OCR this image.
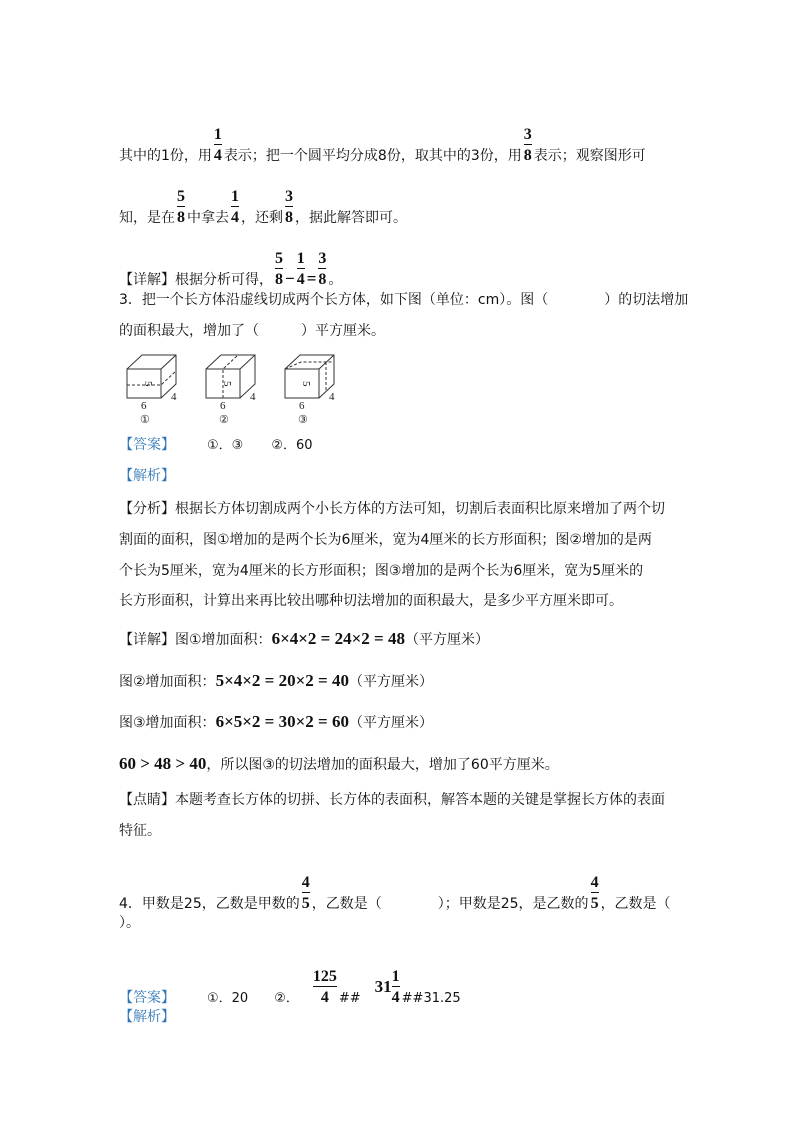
其中的1份，用 $\frac{1}{4}$ 表示；把一个圆平均分成8份，取其中的3份，用 $\frac{3}{8}$ 表示；观察图形可
知，是在 $\frac{5}{8}$ 中拿去 $\frac{1}{4}$ ，还剩 $\frac{3}{8}$ ，据此解答即可。
【详解】根据分析可得， $\frac{5}{8} - \frac{1}{4} = \frac{3}{8}$ 。
3．把一个长方体沿虚线切成两个长方体，如下图（单位：cm）。图（　　　　）的切法增加
的面积最大，增加了（　　　）平方厘米。
5
4
6
①
5
4
6
②
5
4
6
③
【答案】 ①．③ ②．60
【解析】
【分析】根据长方体切割成两个小长方体的方法可知，切割后表面积比原来增加了两个切
割面的面积，图①增加的是两个长为6厘米，宽为4厘米的长方形面积；图②增加的是两
个长为5厘米，宽为4厘米的长方形面积；图③增加的是两个长为6厘米，宽为5厘米的
长方形面积，计算出来再比较出哪种切法增加的面积最大，是多少平方厘米即可。
【详解】图①增加面积：6×4×2 = 24×2 = 48（平方厘米）
图②增加面积：5×4×2 = 20×2 = 40（平方厘米）
图③增加面积：6×5×2 = 30×2 = 60（平方厘米）
60 > 48 > 40，所以图③的切法增加的面积最大，增加了60平方厘米。
【点睛】本题考查长方体的切拼、长方体的表面积，解答本题的关键是掌握长方体的表面
特征。
4．甲数是25，乙数是甲数的 $\frac{4}{5}$ ，乙数是（　　　　）；甲数是25，是乙数的 $\frac{4}{5}$ ，乙数是（
）。
【答案】 ①．20 ②． $\frac{125}{4}$ ##31 $\frac{1}{4}$ ##31.25
【解析】
